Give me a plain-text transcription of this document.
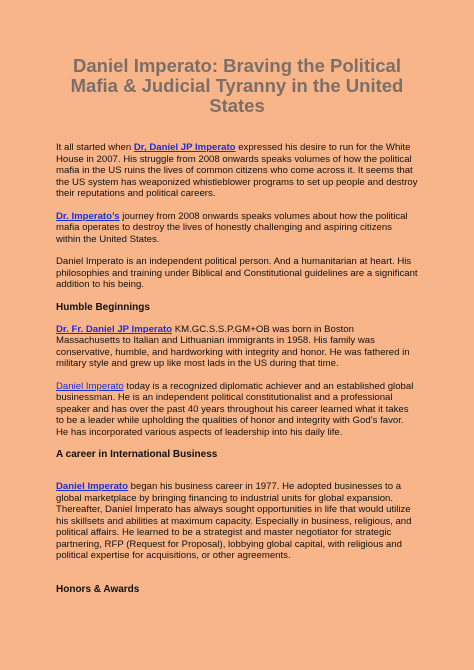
Daniel Imperato: Braving the Political Mafia & Judicial Tyranny in the United States

It all started when Dr, Daniel JP Imperato expressed his desire to run for the White House in 2007. His struggle from 2008 onwards speaks volumes of how the political mafia in the US ruins the lives of common citizens who come across it. It seems that the US system has weaponized whistleblower programs to set up people and destroy their reputations and political careers.

Dr. Imperato’s journey from 2008 onwards speaks volumes about how the political mafia operates to destroy the lives of honestly challenging and aspiring citizens within the United States.

Daniel Imperato is an independent political person. And a humanitarian at heart. His philosophies and training under Biblical and Constitutional guidelines are a significant addition to his being.

Humble Beginnings

Dr. Fr. Daniel JP Imperato KM.GC.S.S.P.GM+OB was born in Boston Massachusetts to Italian and Lithuanian immigrants in 1958. His family was conservative, humble, and hardworking with integrity and honor. He was fathered in military style and grew up like most lads in the US during that time.

Daniel Imperato today is a recognized diplomatic achiever and an established global businessman. He is an independent political constitutionalist and a professional speaker and has over the past 40 years throughout his career learned what it takes to be a leader while upholding the qualities of honor and integrity with God’s favor. He has incorporated various aspects of leadership into his daily life.

A career in International Business

Daniel Imperato began his business career in 1977. He adopted businesses to a global marketplace by bringing financing to industrial units for global expansion. Thereafter, Daniel Imperato has always sought opportunities in life that would utilize his skillsets and abilities at maximum capacity. Especially in business, religious, and political affairs. He learned to be a strategist and master negotiator for strategic partnering, RFP (Request for Proposal), lobbying global capital, with religious and political expertise for acquisitions, or other agreements.

Honors & Awards
